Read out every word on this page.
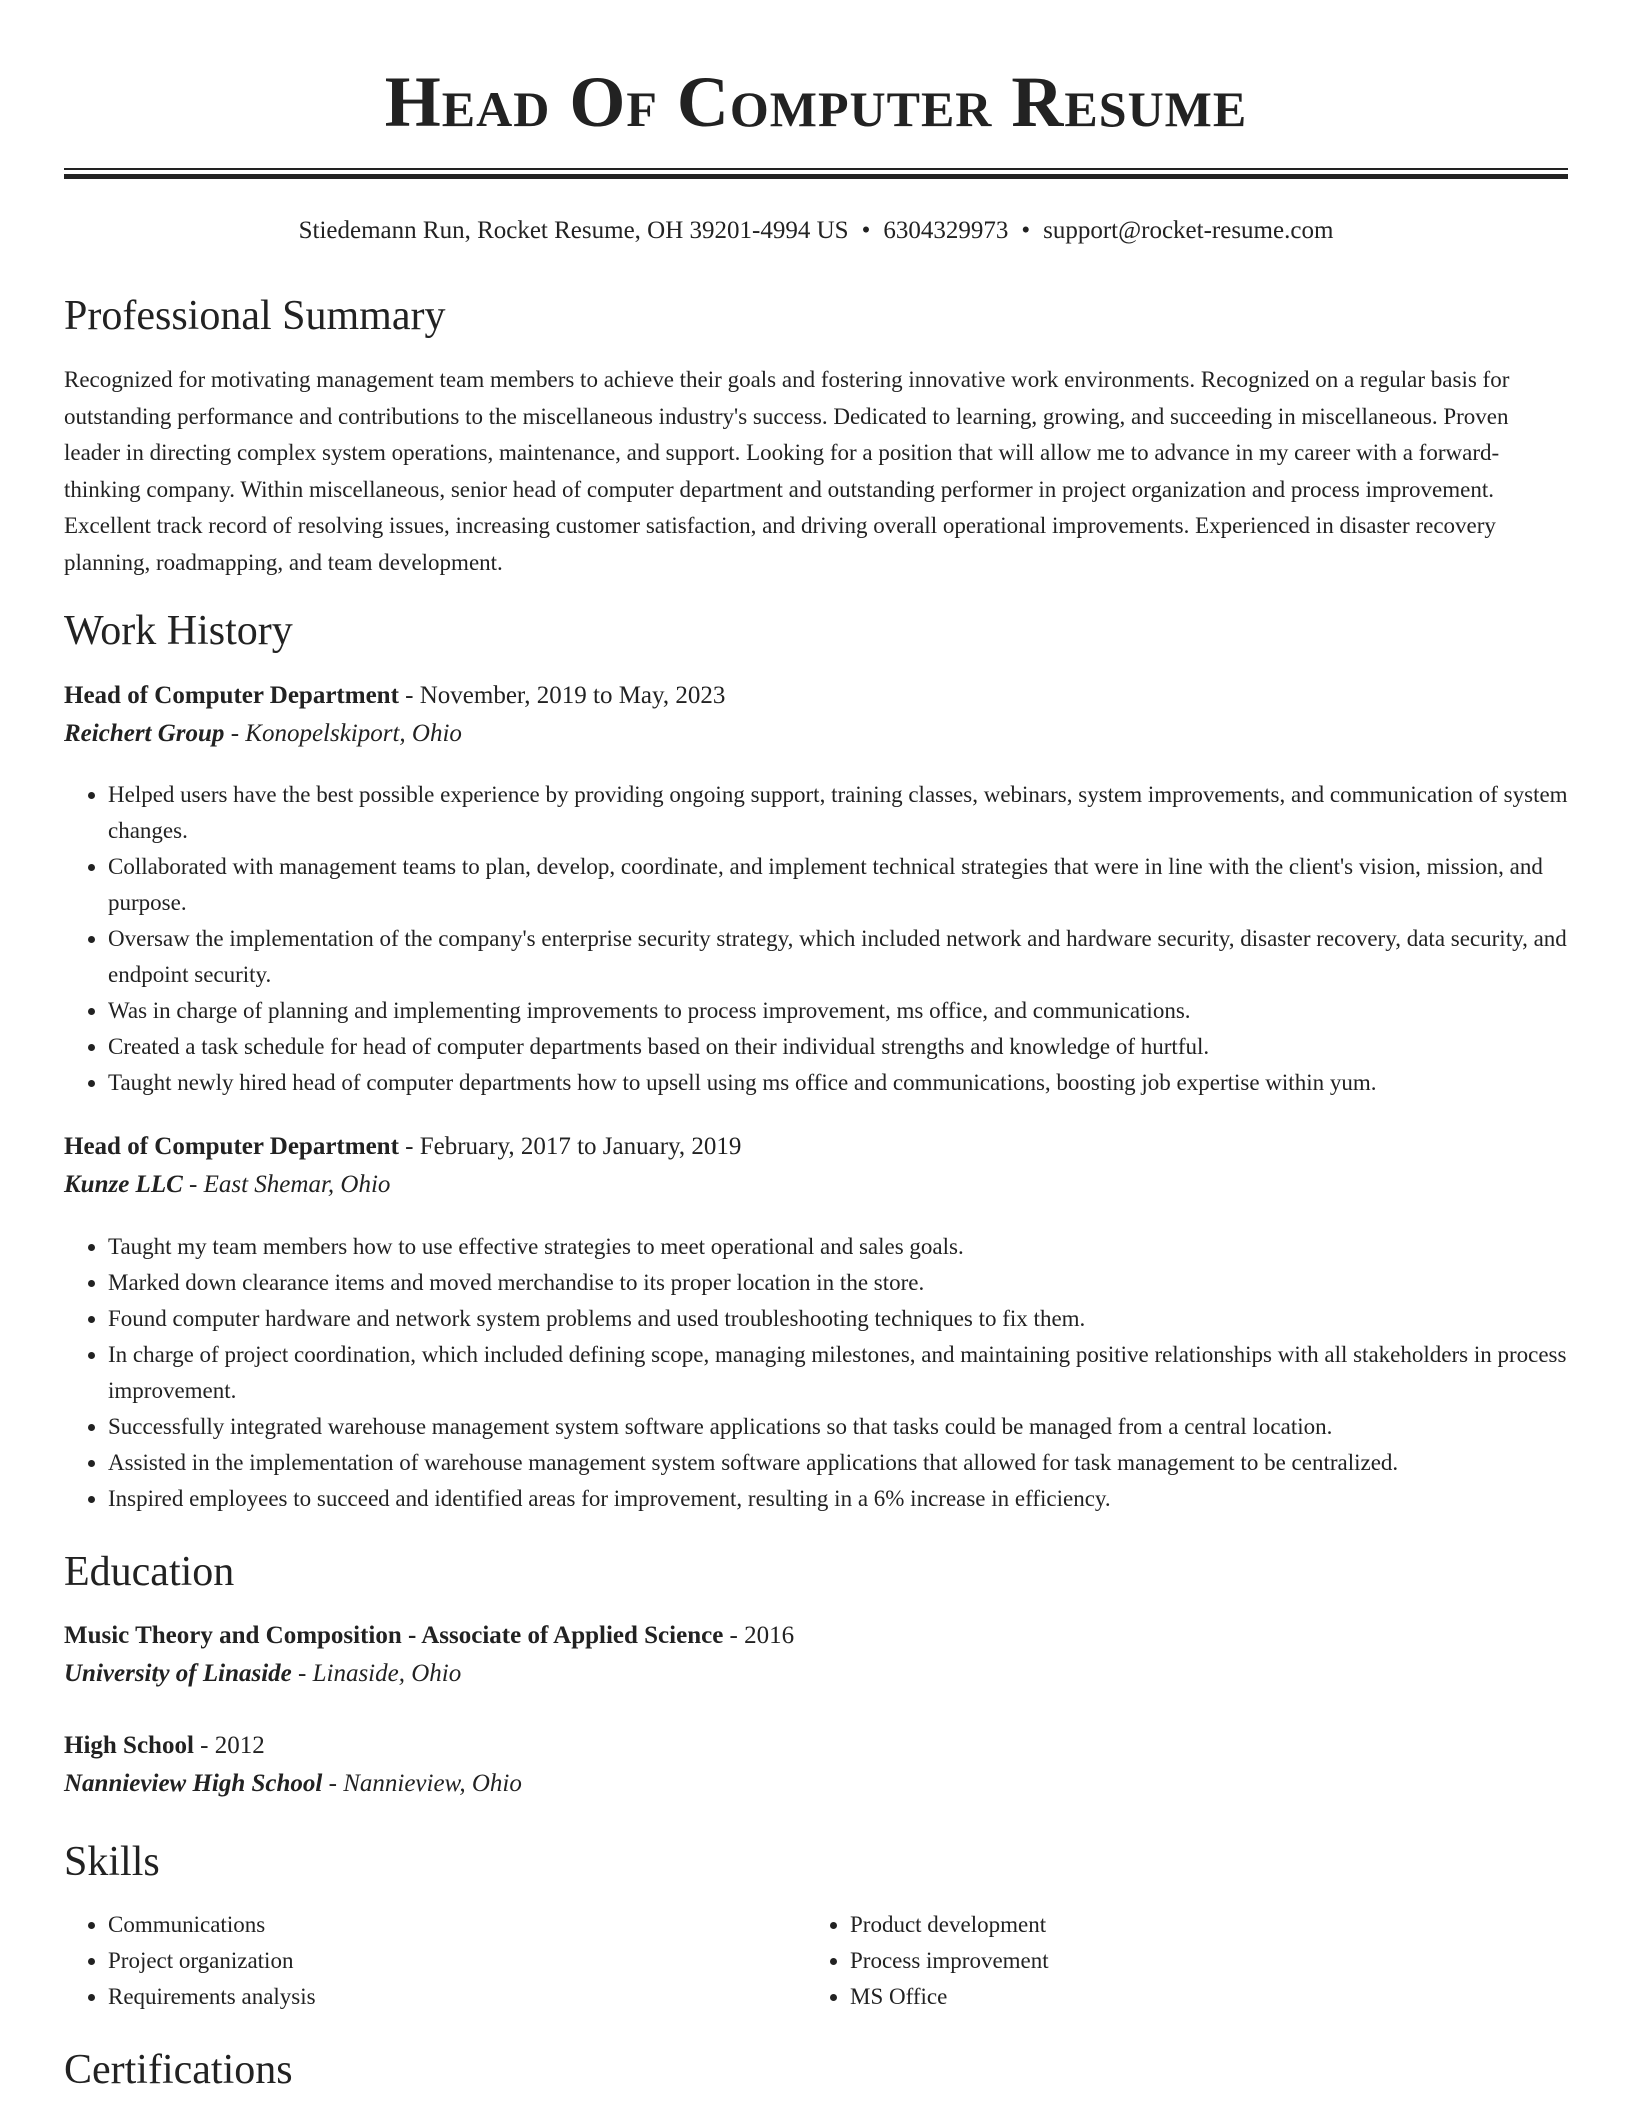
Head Of Computer Resume
Stiedemann Run, Rocket Resume, OH 39201-4994 US • 6304329973 • support@rocket-resume.com
Professional Summary

Recognized for motivating management team members to achieve their goals and fostering innovative work environments. Recognized on a regular basis for outstanding performance and contributions to the miscellaneous industry's success. Dedicated to learning, growing, and succeeding in miscellaneous. Proven leader in directing complex system operations, maintenance, and support. Looking for a position that will allow me to advance in my career with a forward-thinking company. Within miscellaneous, senior head of computer department and outstanding performer in project organization and process improvement. Excellent track record of resolving issues, increasing customer satisfaction, and driving overall operational improvements. Experienced in disaster recovery planning, roadmapping, and team development.

Work History
Head of Computer Department - November, 2019 to May, 2023
Reichert Group - Konopelskiport, Ohio
• Helped users have the best possible experience by providing ongoing support, training classes, webinars, system improvements, and communication of system changes.
• Collaborated with management teams to plan, develop, coordinate, and implement technical strategies that were in line with the client's vision, mission, and purpose.
• Oversaw the implementation of the company's enterprise security strategy, which included network and hardware security, disaster recovery, data security, and endpoint security.
• Was in charge of planning and implementing improvements to process improvement, ms office, and communications.
• Created a task schedule for head of computer departments based on their individual strengths and knowledge of hurtful.
• Taught newly hired head of computer departments how to upsell using ms office and communications, boosting job expertise within yum.
Head of Computer Department - February, 2017 to January, 2019
Kunze LLC - East Shemar, Ohio
• Taught my team members how to use effective strategies to meet operational and sales goals.
• Marked down clearance items and moved merchandise to its proper location in the store.
• Found computer hardware and network system problems and used troubleshooting techniques to fix them.
• In charge of project coordination, which included defining scope, managing milestones, and maintaining positive relationships with all stakeholders in process improvement.
• Successfully integrated warehouse management system software applications so that tasks could be managed from a central location.
• Assisted in the implementation of warehouse management system software applications that allowed for task management to be centralized.
• Inspired employees to succeed and identified areas for improvement, resulting in a 6% increase in efficiency.
Education
Music Theory and Composition - Associate of Applied Science - 2016
University of Linaside - Linaside, Ohio
High School - 2012
Nannieview High School - Nannieview, Ohio
Skills
• Communications
• Project organization
• Requirements analysis
• Product development
• Process improvement
• MS Office
Certifications
